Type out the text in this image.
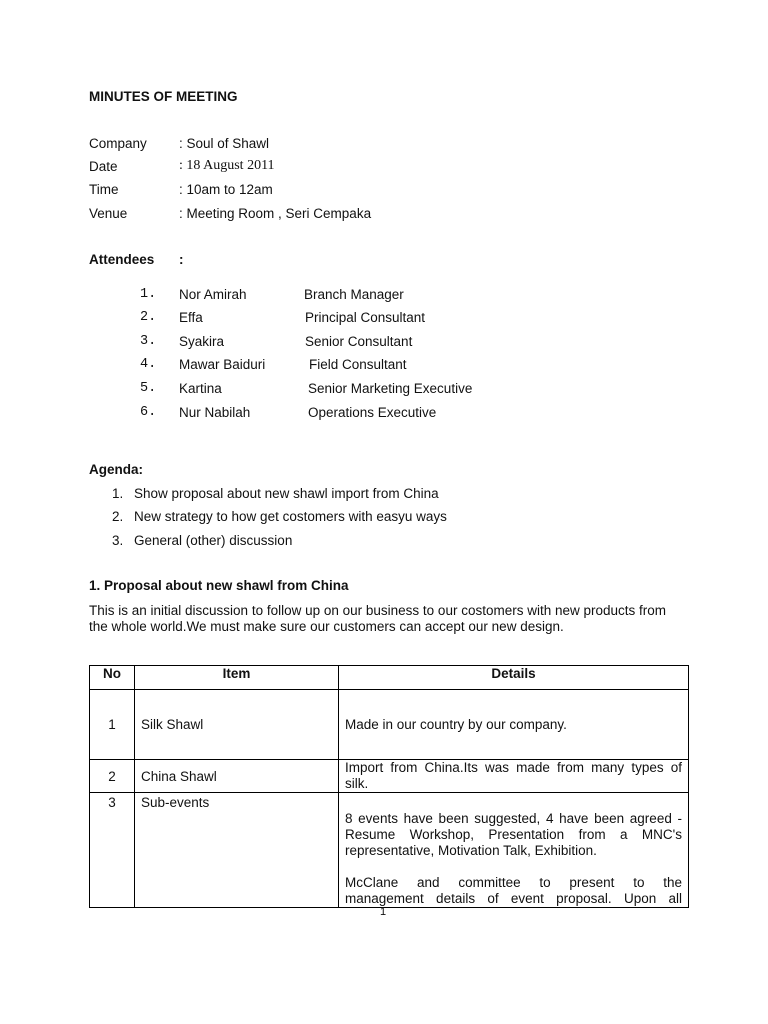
MINUTES OF MEETING
Company : Soul of Shawl
Date	: 18 August 2011
Time	: 10am to 12am
Venue	: Meeting Room , Seri Cempaka
Attendees :
1. Nor Amirah	Branch Manager
2. Effa	Principal Consultant
3. Syakira	Senior Consultant
4. Mawar Baiduri	Field Consultant
5. Kartina	Senior Marketing Executive
6. Nur Nabilah	Operations Executive
Agenda:
1. Show proposal about new shawl import from China
2. New strategy to how get costomers with easyu ways
3. General (other) discussion
1. Proposal about new shawl from China
This is an initial discussion to follow up on our business to our costomers with new products from the whole world.We must make sure our customers can accept our new design.
No	Item	Details
1	Silk Shawl	Made in our country by our company.

2	China Shawl	Import from China.Its was made from many types of
silk.

3	Sub-events	8 events have been suggested, 4 have been agreed -
Resume Workshop, Presentation from a MNC's
representative, Motivation Talk, Exhibition.
McClane and committee to present to the
management details of event proposal. Upon all
1
